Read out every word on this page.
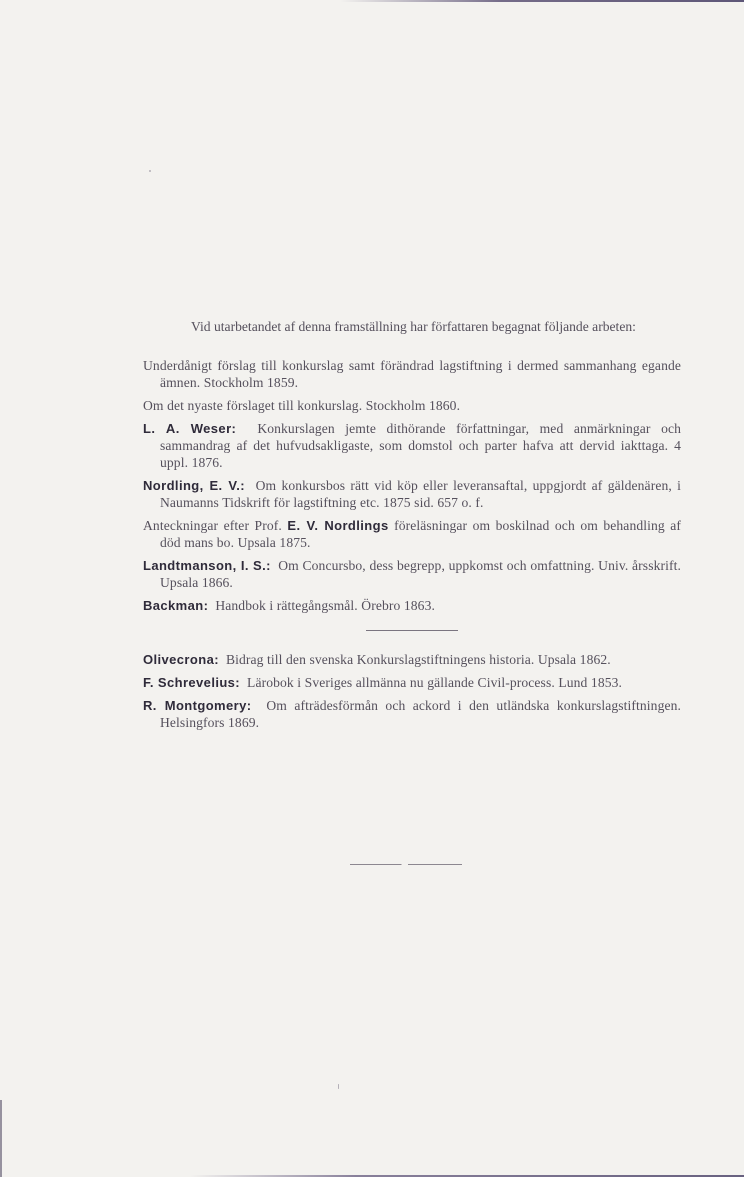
Vid utarbetandet af denna framställning har författaren begagnat följande arbeten:

Underdånigt förslag till konkurslag samt förändrad lagstiftning i dermed sammanhang egande ämnen. Stockholm 1859.

Om det nyaste förslaget till konkurslag. Stockholm 1860.

L. A. Weser: Konkurslagen jemte dithörande författningar, med anmärkningar och sammandrag af det hufvudsakligaste, som domstol och parter hafva att dervid iakttaga. 4 uppl. 1876.

Nordling, E. V.: Om konkursbos rätt vid köp eller leveransaftal, uppgjordt af gäldenären, i Naumanns Tidskrift för lagstiftning etc. 1875 sid. 657 o. f.

Anteckningar efter Prof. E. V. Nordlings föreläsningar om boskilnad och om behandling af död mans bo. Upsala 1875.

Landtmanson, I. S.: Om Concursbo, dess begrepp, uppkomst och omfattning. Univ. årsskrift. Upsala 1866.

Backman: Handbok i rättegångsmål. Örebro 1863.

Olivecrona: Bidrag till den svenska Konkurslagstiftningens historia. Upsala 1862.

F. Schrevelius: Lärobok i Sveriges allmänna nu gällande Civil-process. Lund 1853.

R. Montgomery: Om afträdesförmån och ackord i den utländska konkurslagstiftningen. Helsingfors 1869.
